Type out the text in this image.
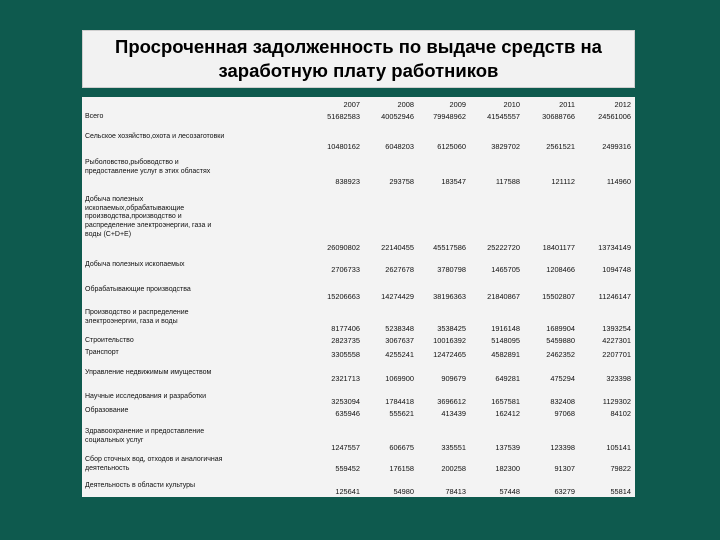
Просроченная задолженность по выдаче средств на
заработную плату работников
2007	2008	2009	2010	2011	2012
Всего	51682583	40052946	79948962	41545557	30688766	24561006
Сельское хозяйство,охота и лесозаготовки
10480162	6048203	6125060	3829702	2561521	2499316
Рыболовство,рыбоводство и
предоставление услуг в этих областях
838923	293758	183547	117588	121112	114960
Добыча полезных
ископаемых,обрабатывающие
производства,производство и
распределение электроэнергии, газа и
воды (C+D+E)
26090802	22140455	45517586	25222720	18401177	13734149
Добыча полезных ископаемых
2706733	2627678	3780798	1465705	1208466	1094748
Обрабатывающие производства
15206663	14274429	38196363	21840867	15502807	11246147
Производство и распределение
электроэнергии, газа и воды
8177406	5238348	3538425	1916148	1689904	1393254
Строительство	2823735	3067637	10016392	5148095	5459880	4227301
Транспорт	3305558	4255241	12472465	4582891	2462352	2207701
Управление недвижимым имуществом
2321713	1069900	909679	649281	475294	323398
Научные исследования и разработки
3253094	1784418	3696612	1657581	832408	1129302
Образование	635946	555621	413439	162412	97068	84102
Здравоохранение и предоставление
социальных услуг
1247557	606675	335551	137539	123398	105141
Сбор сточных вод, отходов и аналогичная
деятельность	559452	176158	200258	182300	91307	79822
Деятельность в области культуры
125641	54980	78413	57448	63279	55814
